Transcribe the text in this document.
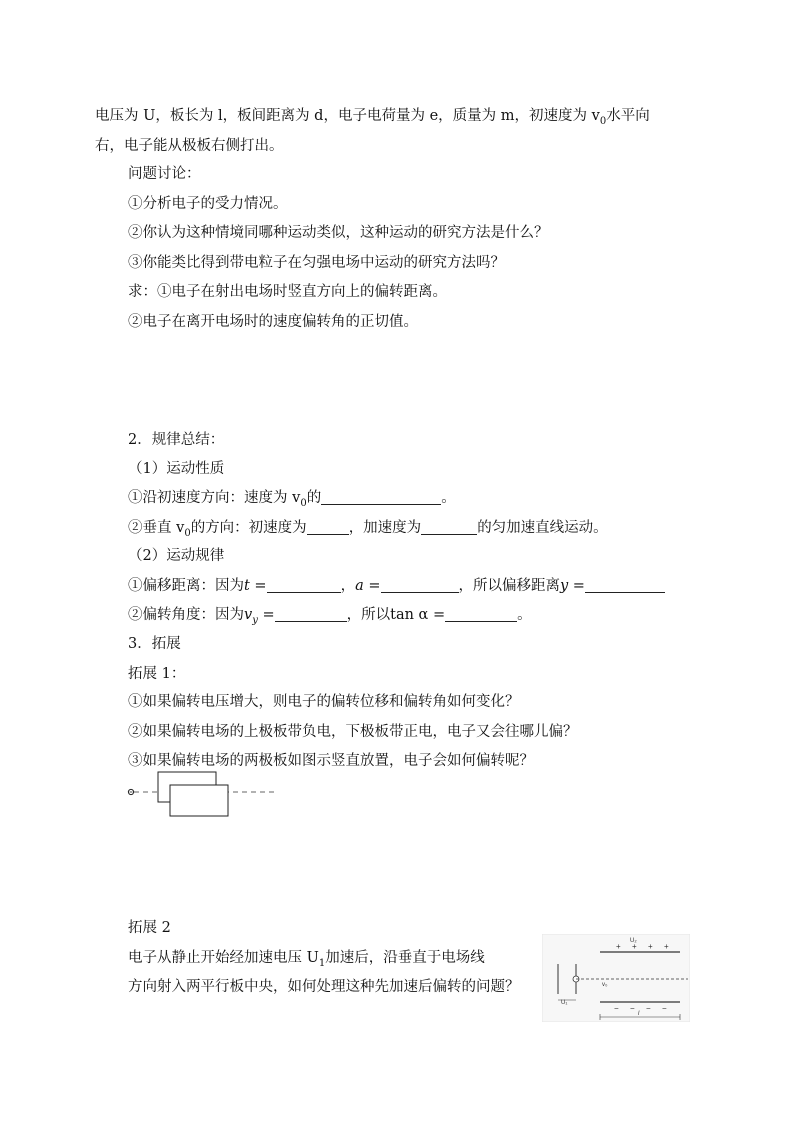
电压为 U，板长为 l，板间距离为 d，电子电荷量为 e，质量为 m，初速度为 $v_0$水平向
右，电子能从极板右侧打出。
问题讨论：
①分析电子的受力情况。
②你认为这种情境同哪种运动类似，这种运动的研究方法是什么？
③你能类比得到带电粒子在匀强电场中运动的研究方法吗？
求：①电子在射出电场时竖直方向上的偏转距离。
②电子在离开电场时的速度偏转角的正切值。
2．规律总结：
（1）运动性质
①沿初速度方向：速度为 $v_0$的	。
②垂直 $v_0$的方向：初速度为	，加速度为	的匀加速直线运动。
（2）运动规律
①偏移距离：因为t =	，a =	，所以偏移距离y =
②偏转角度：因为$v_y$ =	，所以tan α =	。
3．拓展
拓展 1：
①如果偏转电压增大，则电子的偏转位移和偏转角如何变化？
②如果偏转电场的上极板带负电，下极板带正电，电子又会往哪儿偏？
③如果偏转电场的两极板如图示竖直放置，电子会如何偏转呢？
拓展 2
电子从静止开始经加速电压 $U_1$加速后，沿垂直于电场线
方向射入两平行板中央，如何处理这种先加速后偏转的问题？
U₁
U₂
+ + + +
− − − −
v₀
l
